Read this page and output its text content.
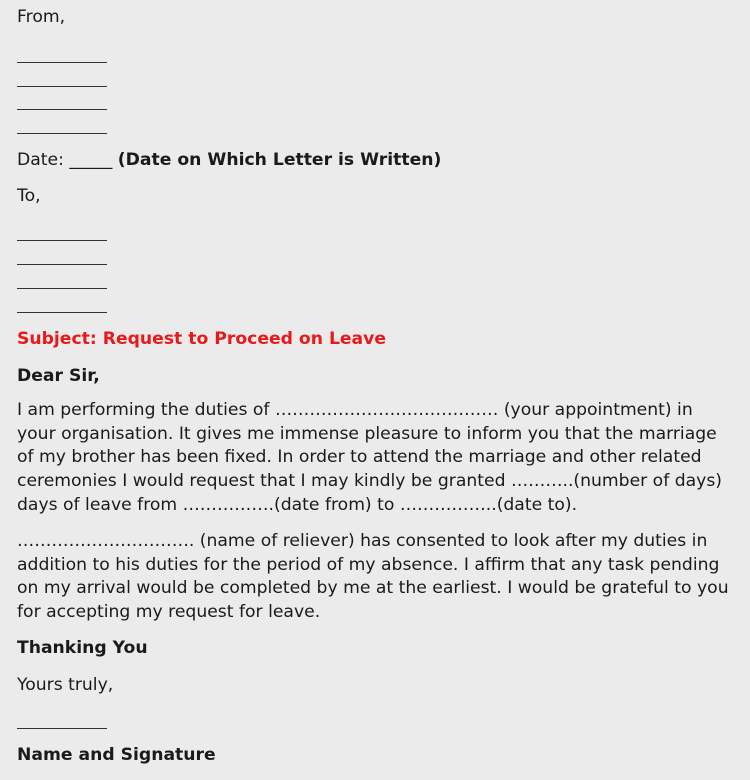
From,

Date: _____ (Date on Which Letter is Written)

To,

Subject: Request to Proceed on Leave

Dear Sir,

I am performing the duties of ………………………………… (your appointment) in your organisation. It gives me immense pleasure to inform you that the marriage of my brother has been fixed. In order to attend the marriage and other related ceremonies I would request that I may kindly be granted ………..(number of days) days of leave from …………….(date from) to ……………..(date to).

…………………………. (name of reliever) has consented to look after my duties in addition to his duties for the period of my absence. I affirm that any task pending on my arrival would be completed by me at the earliest. I would be grateful to you for accepting my request for leave.

Thanking You

Yours truly,

Name and Signature
